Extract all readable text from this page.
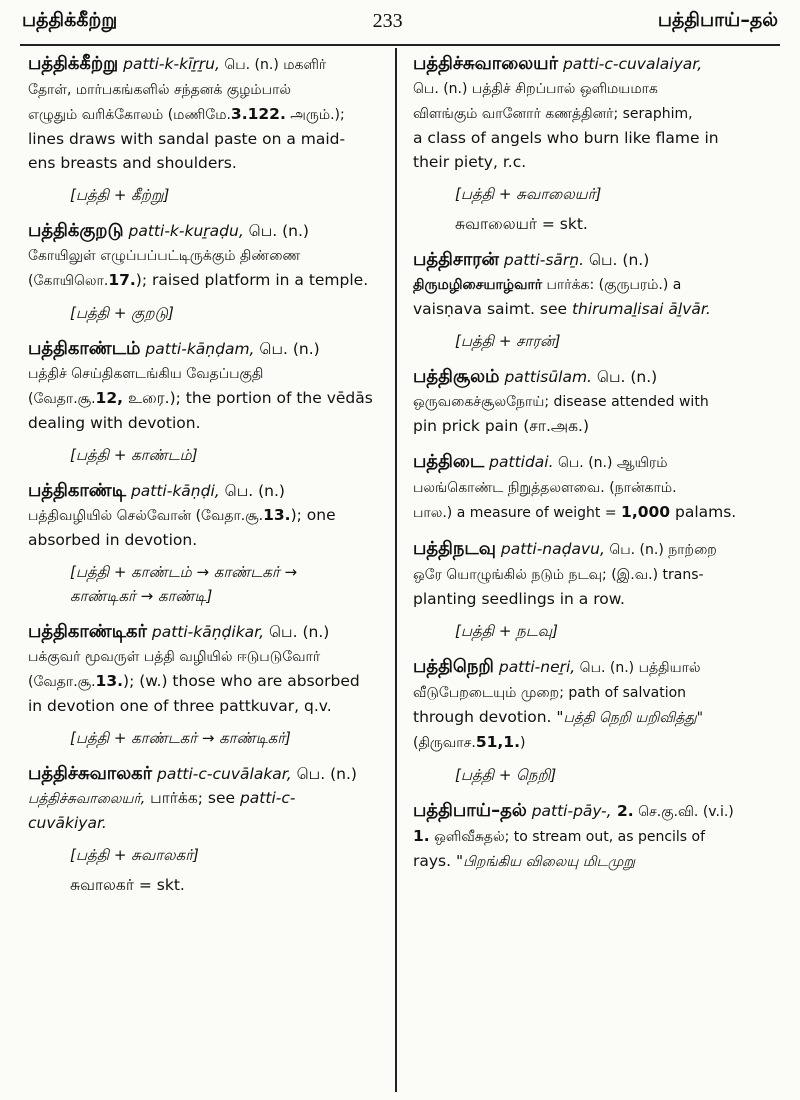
பத்திக்கீற்று	233	பத்திபாய்–தல்
பத்திக்கீற்று patti-k-kīṟṟu, பெ. (n.) மகளிர்
தோள், மார்பகங்களில் சந்தனக் குழம்பால்
எழுதும் வரிக்கோலம் (மணிமே.3.122. அரும்.);
lines draws with sandal paste on a maid-
ens breasts and shoulders.
[பத்தி + கீற்று]
பத்திக்குறடு patti-k-kuṟaḍu, பெ. (n.)
கோயிலுள் எழுப்பப்பட்டிருக்கும் திண்ணை
(கோயிலொ.17.); raised platform in a temple.
[பத்தி + குறடு]
பத்திகாண்டம் patti-kāṇḍam, பெ. (n.)
பத்திச் செய்திகளடங்கிய வேதப்பகுதி
(வேதா.சூ.12, உரை.); the portion of the vēdās
dealing with devotion.
[பத்தி + காண்டம்]
பத்திகாண்டி patti-kāṇḍi, பெ. (n.)
பத்திவழியில் செல்வோன் (வேதா.சூ.13.); one
absorbed in devotion.
[பத்தி + காண்டம் → காண்டகர் →
காண்டிகர் → காண்டி]
பத்திகாண்டிகர் patti-kāṇḍikar, பெ. (n.)
பக்குவர் மூவருள் பத்தி வழியில் ஈடுபடுவோர்
(வேதா.சூ.13.); (w.) those who are absorbed
in devotion one of three pattkuvar, q.v.
[பத்தி + காண்டகர் → காண்டிகர்]
பத்திச்சுவாலகர் patti-c-cuvālakar, பெ. (n.)
பத்திச்சுவாலையர், பார்க்க; see patti-c-
cuvākiyar.
[பத்தி + சுவாலகர்]
சுவாலகர் = skt.
பத்திச்சுவாலையர் patti-c-cuvalaiyar,
பெ. (n.) பத்திச் சிறப்பால் ஒளிமயமாக
விளங்கும் வானோர் கணத்தினர்; seraphim,
a class of angels who burn like flame in
their piety, r.c.
[பத்தி + சுவாலையர்]
சுவாலையர் = skt.
பத்திசாரன் patti-sārṉ. பெ. (n.)
திருமழிசையாழ்வார் பார்க்க: (குருபரம்.) a
vaisṇava saimt. see thirumaḻisai āḻvār.
[பத்தி + சாரன்]
பத்திசூலம் pattisūlam. பெ. (n.)
ஒருவகைச்சூலநோய்; disease attended with
pin prick pain (சா.அக.)
பத்திடை pattidai. பெ. (n.) ஆயிரம்
பலங்கொண்ட நிறுத்தலளவை. (நான்காம்.
பால.) a measure of weight = 1,000 palams.
பத்திநடவு patti-naḍavu, பெ. (n.) நாற்றை
ஒரே யொழுங்கில் நடும் நடவு; (இ.வ.) trans-
planting seedlings in a row.
[பத்தி + நடவு]
பத்திநெறி patti-neṟi, பெ. (n.) பத்தியால்
வீடுபேறடையும் முறை; path of salvation
through devotion. "பத்தி நெறி யறிவித்து"
(திருவாச.51,1.)
[பத்தி + நெறி]
பத்திபாய்–தல் patti-pāy-, 2. செ.கு.வி. (v.i.)
1. ஒளிவீசுதல்; to stream out, as pencils of
rays. "பிறங்கிய விலையு மிடமுறு
